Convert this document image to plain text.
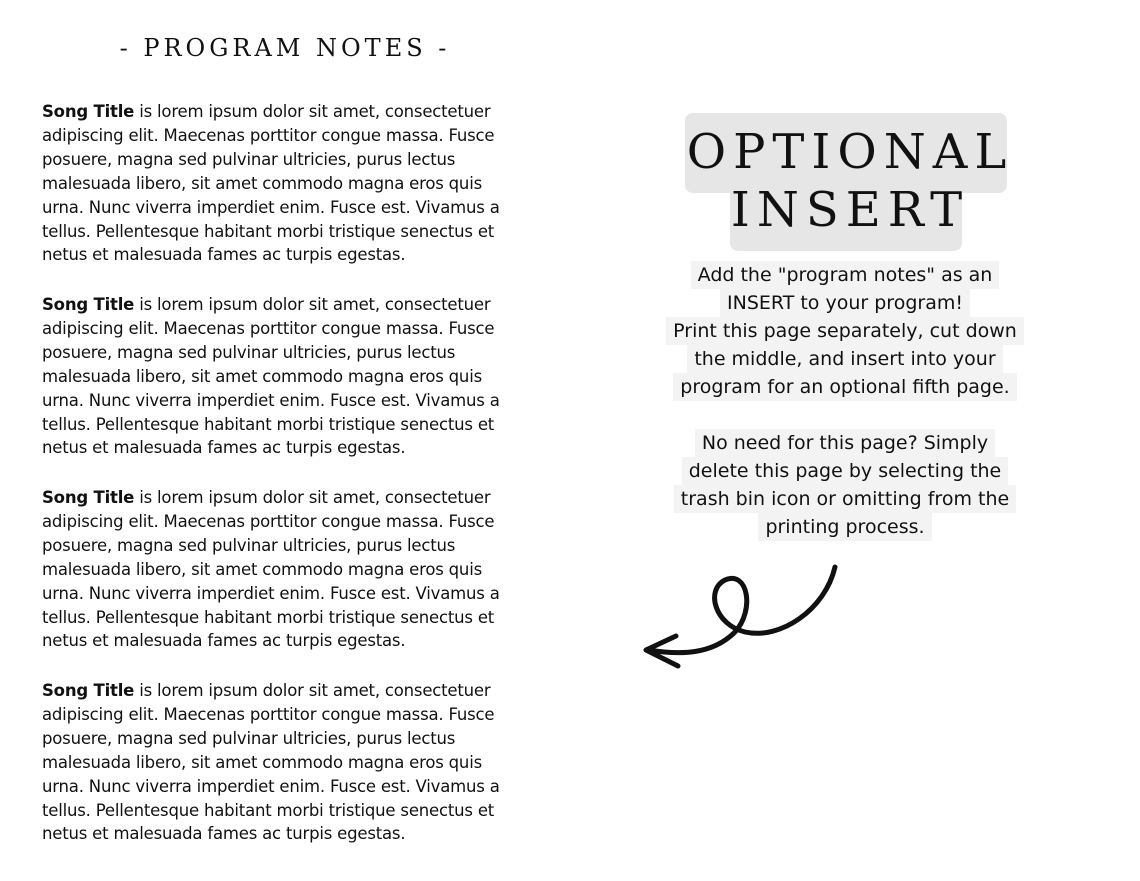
- PROGRAM NOTES -
Song Title is lorem ipsum dolor sit amet, consectetuer
adipiscing elit. Maecenas porttitor congue massa. Fusce
posuere, magna sed pulvinar ultricies, purus lectus
malesuada libero, sit amet commodo magna eros quis
urna. Nunc viverra imperdiet enim. Fusce est. Vivamus a
tellus. Pellentesque habitant morbi tristique senectus et
netus et malesuada fames ac turpis egestas.
Song Title is lorem ipsum dolor sit amet, consectetuer
adipiscing elit. Maecenas porttitor congue massa. Fusce
posuere, magna sed pulvinar ultricies, purus lectus
malesuada libero, sit amet commodo magna eros quis
urna. Nunc viverra imperdiet enim. Fusce est. Vivamus a
tellus. Pellentesque habitant morbi tristique senectus et
netus et malesuada fames ac turpis egestas.
Song Title is lorem ipsum dolor sit amet, consectetuer
adipiscing elit. Maecenas porttitor congue massa. Fusce
posuere, magna sed pulvinar ultricies, purus lectus
malesuada libero, sit amet commodo magna eros quis
urna. Nunc viverra imperdiet enim. Fusce est. Vivamus a
tellus. Pellentesque habitant morbi tristique senectus et
netus et malesuada fames ac turpis egestas.
Song Title is lorem ipsum dolor sit amet, consectetuer
adipiscing elit. Maecenas porttitor congue massa. Fusce
posuere, magna sed pulvinar ultricies, purus lectus
malesuada libero, sit amet commodo magna eros quis
urna. Nunc viverra imperdiet enim. Fusce est. Vivamus a
tellus. Pellentesque habitant morbi tristique senectus et
netus et malesuada fames ac turpis egestas.
OPTIONAL
INSERT
Add the "program notes" as an
INSERT to your program!
Print this page separately, cut down
the middle, and insert into your
program for an optional fifth page.
No need for this page? Simply
delete this page by selecting the
trash bin icon or omitting from the
printing process.
